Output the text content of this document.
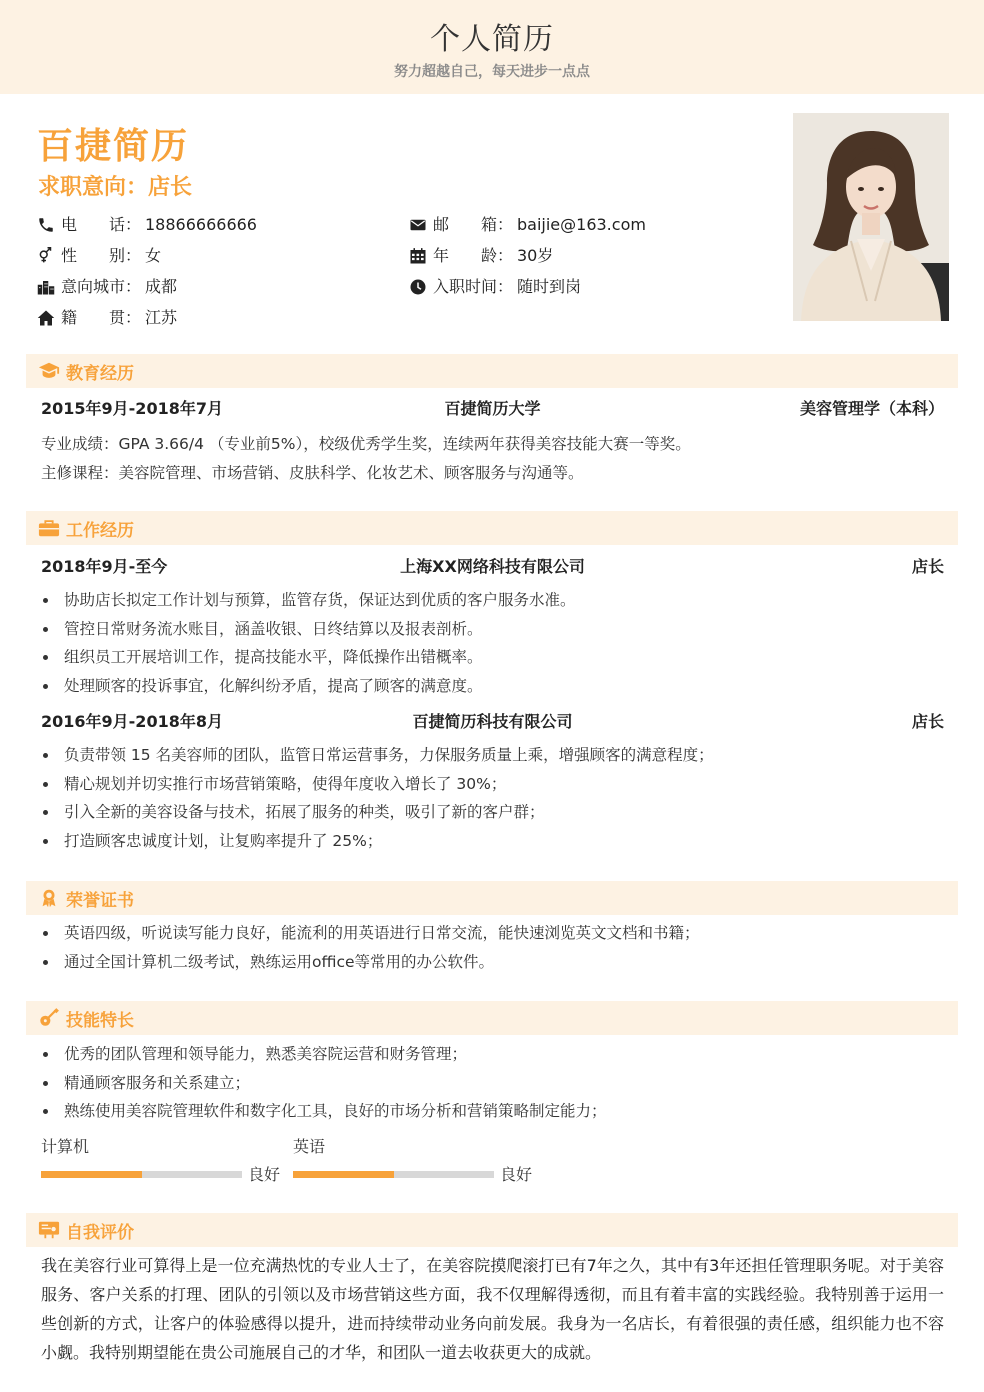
个人简历
努力超越自己，每天进步一点点
百捷简历
求职意向：店长
电　　话： 18866666666	邮　　箱： baijie@163.com
性　　别： 女	年　　龄： 30岁
意向城市： 成都	入职时间： 随时到岗
籍　　贯： 江苏
教育经历
2015年9月-2018年7月	百捷简历大学	美容管理学（本科）
专业成绩：GPA 3.66/4 （专业前5%），校级优秀学生奖，连续两年获得美容技能大赛一等奖。
主修课程：美容院管理、市场营销、皮肤科学、化妆艺术、顾客服务与沟通等。
工作经历
2018年9月-至今	上海XX网络科技有限公司	店长
协助店长拟定工作计划与预算，监管存货，保证达到优质的客户服务水准。
管控日常财务流水账目，涵盖收银、日终结算以及报表剖析。
组织员工开展培训工作，提高技能水平，降低操作出错概率。
处理顾客的投诉事宜，化解纠纷矛盾，提高了顾客的满意度。
2016年9月-2018年8月	百捷简历科技有限公司	店长
负责带领 15 名美容师的团队，监管日常运营事务，力保服务质量上乘，增强顾客的满意程度；
精心规划并切实推行市场营销策略，使得年度收入增长了 30%；
引入全新的美容设备与技术，拓展了服务的种类，吸引了新的客户群；
打造顾客忠诚度计划，让复购率提升了 25%；
荣誉证书
英语四级，听说读写能力良好，能流利的用英语进行日常交流，能快速浏览英文文档和书籍；
通过全国计算机二级考试，熟练运用office等常用的办公软件。
技能特长
优秀的团队管理和领导能力，熟悉美容院运营和财务管理；
精通顾客服务和关系建立；
熟练使用美容院管理软件和数字化工具，良好的市场分析和营销策略制定能力；
计算机
良好
英语
良好
自我评价
我在美容行业可算得上是一位充满热忱的专业人士了，在美容院摸爬滚打已有7年之久，其中有3年还担任管理职务呢。对于美容服务、客户关系的打理、团队的引领以及市场营销这些方面，我不仅理解得透彻，而且有着丰富的实践经验。我特别善于运用一些创新的方式，让客户的体验感得以提升，进而持续带动业务向前发展。我身为一名店长，有着很强的责任感，组织能力也不容小觑。我特别期望能在贵公司施展自己的才华，和团队一道去收获更大的成就。
